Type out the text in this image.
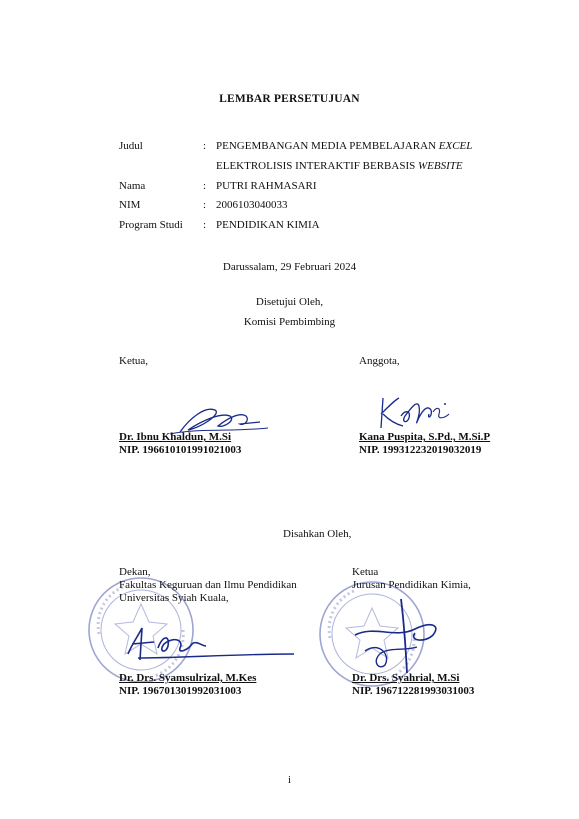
LEMBAR PERSETUJUAN
Judul	: PENGEMBANGAN MEDIA PEMBELAJARAN EXCEL
ELEKTROLISIS INTERAKTIF BERBASIS WEBSITE
Nama	: PUTRI RAHMASARI
NIM	: 2006103040033
Program Studi : PENDIDIKAN KIMIA
Darussalam, 29 Februari 2024
Disetujui Oleh,
Komisi Pembimbing
Ketua,	Anggota,
Dr. Ibnu Khaldun, M.Si
NIP. 196610101991021003
Kana Puspita, S.Pd., M.Si.P
NIP. 199312232019032019
Disahkan Oleh,
Dekan,
Fakultas Keguruan dan Ilmu Pendidikan
Universitas Syiah Kuala,
Ketua
Jurusan Pendidikan Kimia,
Dr. Drs. Syamsulrizal, M.Kes
NIP. 196701301992031003
Dr. Drs. Syahrial, M.Si
NIP. 196712281993031003
i
